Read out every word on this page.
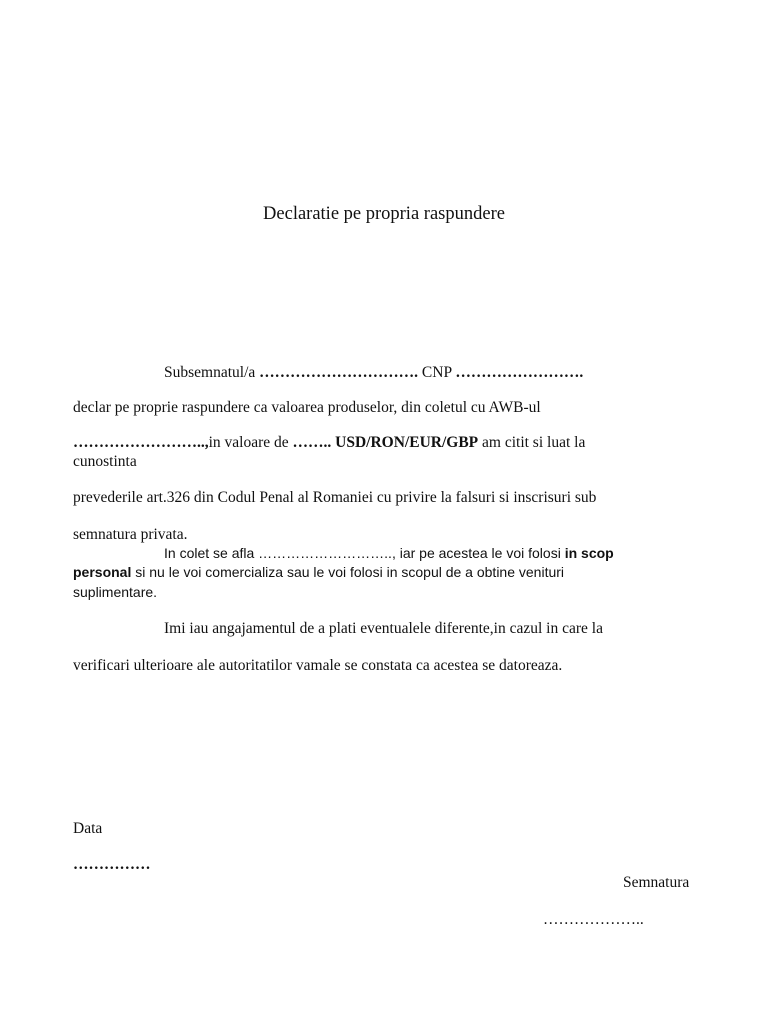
Declaratie pe propria raspundere
Subsemnatul/a …………………………. CNP …………………….
declar pe proprie raspundere ca valoarea produselor, din coletul cu AWB-ul
……………………..,in valoare de …….. USD/RON/EUR/GBP am citit si luat la
cunostinta
prevederile art.326 din Codul Penal al Romaniei cu privire la falsuri si inscrisuri sub
semnatura privata.
In colet se afla ……………………….., iar pe acestea le voi folosi in scop
personal si nu le voi comercializa sau le voi folosi in scopul de a obtine venituri
suplimentare.
Imi iau angajamentul de a plati eventualele diferente,in cazul in care la
verificari ulterioare ale autoritatilor vamale se constata ca acestea se datoreaza.
Data
……………
Semnatura
………………..
